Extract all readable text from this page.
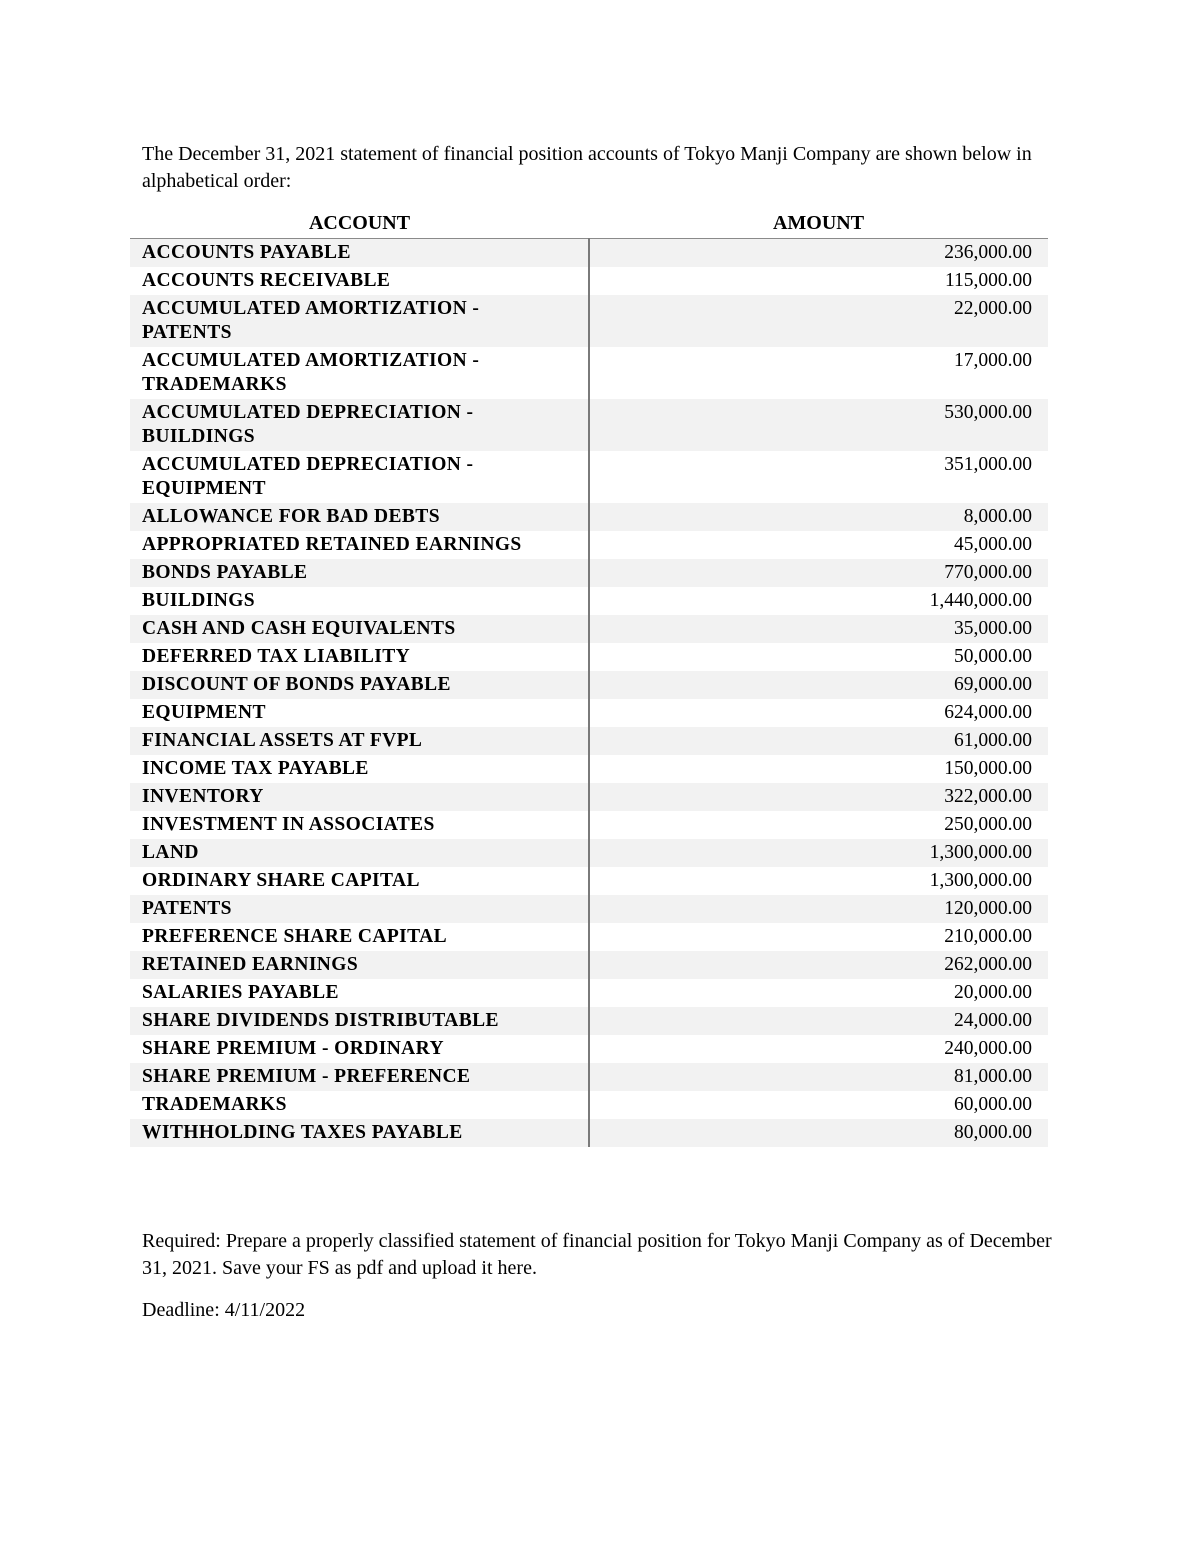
The December 31, 2021 statement of financial position accounts of Tokyo Manji Company are shown below in alphabetical order:

ACCOUNT	AMOUNT
ACCOUNTS PAYABLE	236,000.00
ACCOUNTS RECEIVABLE	115,000.00
ACCUMULATED AMORTIZATION - PATENTS	22,000.00
ACCUMULATED AMORTIZATION - TRADEMARKS	17,000.00
ACCUMULATED DEPRECIATION - BUILDINGS	530,000.00
ACCUMULATED DEPRECIATION - EQUIPMENT	351,000.00
ALLOWANCE FOR BAD DEBTS	8,000.00
APPROPRIATED RETAINED EARNINGS	45,000.00
BONDS PAYABLE	770,000.00
BUILDINGS	1,440,000.00
CASH AND CASH EQUIVALENTS	35,000.00
DEFERRED TAX LIABILITY	50,000.00
DISCOUNT OF BONDS PAYABLE	69,000.00
EQUIPMENT	624,000.00
FINANCIAL ASSETS AT FVPL	61,000.00
INCOME TAX PAYABLE	150,000.00
INVENTORY	322,000.00
INVESTMENT IN ASSOCIATES	250,000.00
LAND	1,300,000.00
ORDINARY SHARE CAPITAL	1,300,000.00
PATENTS	120,000.00
PREFERENCE SHARE CAPITAL	210,000.00
RETAINED EARNINGS	262,000.00
SALARIES PAYABLE	20,000.00
SHARE DIVIDENDS DISTRIBUTABLE	24,000.00
SHARE PREMIUM - ORDINARY	240,000.00
SHARE PREMIUM - PREFERENCE	81,000.00
TRADEMARKS	60,000.00
WITHHOLDING TAXES PAYABLE	80,000.00

Required: Prepare a properly classified statement of financial position for Tokyo Manji Company as of December 31, 2021. Save your FS as pdf and upload it here.

Deadline: 4/11/2022
